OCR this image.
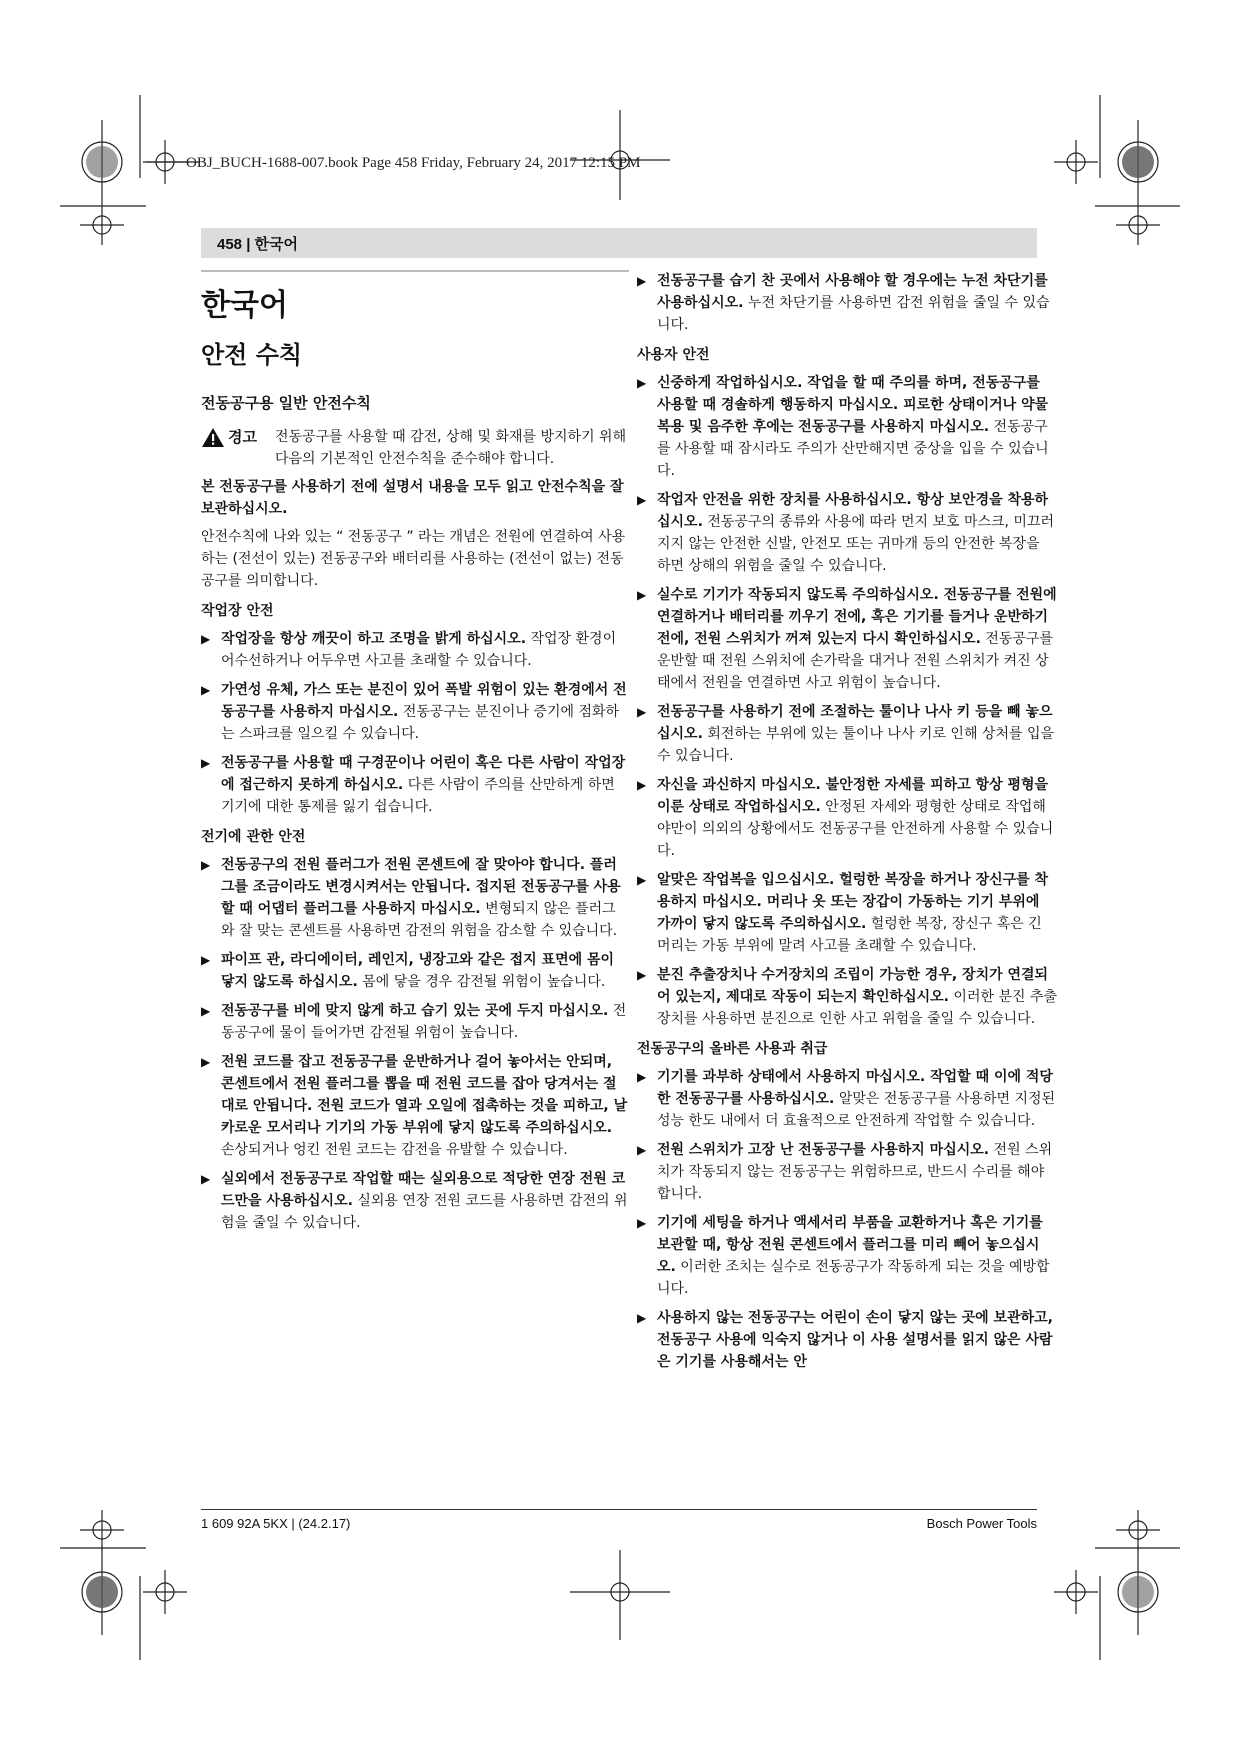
OBJ_BUCH-1688-007.book Page 458 Friday, February 24, 2017 12:15 PM
458 | 한국어
한국어
안전 수칙
전동공구용 일반 안전수칙
경고 전동공구를 사용할 때 감전, 상해 및 화재를 방지하기 위해 다음의 기본적인 안전수칙을 준수해야 합니다.

본 전동공구를 사용하기 전에 설명서 내용을 모두 읽고 안전수칙을 잘 보관하십시오.

안전수칙에 나와 있는 “ 전동공구 ” 라는 개념은 전원에 연결하여 사용하는 (전선이 있는) 전동공구와 배터리를 사용하는 (전선이 없는) 전동공구를 의미합니다.

작업장 안전
▶ 작업장을 항상 깨끗이 하고 조명을 밝게 하십시오. 작업장 환경이 어수선하거나 어두우면 사고를 초래할 수 있습니다.
▶ 가연성 유체, 가스 또는 분진이 있어 폭발 위험이 있는 환경에서 전동공구를 사용하지 마십시오. 전동공구는 분진이나 증기에 점화하는 스파크를 일으킬 수 있습니다.
▶ 전동공구를 사용할 때 구경꾼이나 어린이 혹은 다른 사람이 작업장에 접근하지 못하게 하십시오. 다른 사람이 주의를 산만하게 하면 기기에 대한 통제를 잃기 쉽습니다.
전기에 관한 안전
▶ 전동공구의 전원 플러그가 전원 콘센트에 잘 맞아야 합니다. 플러그를 조금이라도 변경시켜서는 안됩니다. 접지된 전동공구를 사용할 때 어댑터 플러그를 사용하지 마십시오. 변형되지 않은 플러그와 잘 맞는 콘센트를 사용하면 감전의 위험을 감소할 수 있습니다.
▶ 파이프 관, 라디에이터, 레인지, 냉장고와 같은 접지 표면에 몸이 닿지 않도록 하십시오. 몸에 닿을 경우 감전될 위험이 높습니다.
▶ 전동공구를 비에 맞지 않게 하고 습기 있는 곳에 두지 마십시오. 전동공구에 물이 들어가면 감전될 위험이 높습니다.
▶ 전원 코드를 잡고 전동공구를 운반하거나 걸어 놓아서는 안되며, 콘센트에서 전원 플러그를 뽑을 때 전원 코드를 잡아 당겨서는 절대로 안됩니다. 전원 코드가 열과 오일에 접촉하는 것을 피하고, 날카로운 모서리나 기기의 가동 부위에 닿지 않도록 주의하십시오. 손상되거나 엉킨 전원 코드는 감전을 유발할 수 있습니다.
▶ 실외에서 전동공구로 작업할 때는 실외용으로 적당한 연장 전원 코드만을 사용하십시오. 실외용 연장 전원 코드를 사용하면 감전의 위험을 줄일 수 있습니다.
▶ 전동공구를 습기 찬 곳에서 사용해야 할 경우에는 누전 차단기를 사용하십시오. 누전 차단기를 사용하면 감전 위험을 줄일 수 있습니다.
사용자 안전
▶ 신중하게 작업하십시오. 작업을 할 때 주의를 하며, 전동공구를 사용할 때 경솔하게 행동하지 마십시오. 피로한 상태이거나 약물 복용 및 음주한 후에는 전동공구를 사용하지 마십시오. 전동공구를 사용할 때 잠시라도 주의가 산만해지면 중상을 입을 수 있습니다.
▶ 작업자 안전을 위한 장치를 사용하십시오. 항상 보안경을 착용하십시오. 전동공구의 종류와 사용에 따라 먼지 보호 마스크, 미끄러지지 않는 안전한 신발, 안전모 또는 귀마개 등의 안전한 복장을 하면 상해의 위험을 줄일 수 있습니다.
▶ 실수로 기기가 작동되지 않도록 주의하십시오. 전동공구를 전원에 연결하거나 배터리를 끼우기 전에, 혹은 기기를 들거나 운반하기 전에, 전원 스위치가 꺼져 있는지 다시 확인하십시오. 전동공구를 운반할 때 전원 스위치에 손가락을 대거나 전원 스위치가 켜진 상태에서 전원을 연결하면 사고 위험이 높습니다.
▶ 전동공구를 사용하기 전에 조절하는 툴이나 나사 키 등을 빼 놓으십시오. 회전하는 부위에 있는 툴이나 나사 키로 인해 상처를 입을 수 있습니다.
▶ 자신을 과신하지 마십시오. 불안정한 자세를 피하고 항상 평형을 이룬 상태로 작업하십시오. 안정된 자세와 평형한 상태로 작업해야만이 의외의 상황에서도 전동공구를 안전하게 사용할 수 있습니다.
▶ 알맞은 작업복을 입으십시오. 헐렁한 복장을 하거나 장신구를 착용하지 마십시오. 머리나 옷 또는 장갑이 가동하는 기기 부위에 가까이 닿지 않도록 주의하십시오. 헐렁한 복장, 장신구 혹은 긴 머리는 가동 부위에 말려 사고를 초래할 수 있습니다.
▶ 분진 추출장치나 수거장치의 조립이 가능한 경우, 장치가 연결되어 있는지, 제대로 작동이 되는지 확인하십시오. 이러한 분진 추출장치를 사용하면 분진으로 인한 사고 위험을 줄일 수 있습니다.
전동공구의 올바른 사용과 취급
▶ 기기를 과부하 상태에서 사용하지 마십시오. 작업할 때 이에 적당한 전동공구를 사용하십시오. 알맞은 전동공구를 사용하면 지정된 성능 한도 내에서 더 효율적으로 안전하게 작업할 수 있습니다.
▶ 전원 스위치가 고장 난 전동공구를 사용하지 마십시오. 전원 스위치가 작동되지 않는 전동공구는 위험하므로, 반드시 수리를 해야 합니다.
▶ 기기에 세팅을 하거나 액세서리 부품을 교환하거나 혹은 기기를 보관할 때, 항상 전원 콘센트에서 플러그를 미리 빼어 놓으십시오. 이러한 조치는 실수로 전동공구가 작동하게 되는 것을 예방합니다.
▶ 사용하지 않는 전동공구는 어린이 손이 닿지 않는 곳에 보관하고, 전동공구 사용에 익숙지 않거나 이 사용 설명서를 읽지 않은 사람은 기기를 사용해서는 안
1 609 92A 5KX | (24.2.17)	Bosch Power Tools
